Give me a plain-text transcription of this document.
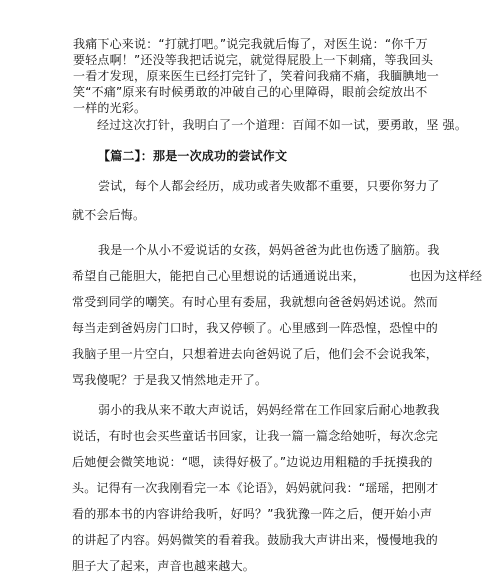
我痛下心来说：“打就打吧。”说完我就后悔了，对医生说：“你千万
要轻点啊！”还没等我把话说完，就觉得屁股上一下刺痛，等我回头
一看才发现，原来医生已经打完针了，笑着问我痛不痛，我腼腆地一
笑“不痛”原来有时候勇敢的冲破自己的心里障碍，眼前会绽放出不
一样的光彩。
经过这次打针，我明白了一个道理：百闻不如一试，要勇敢，坚 强。
【篇二】：那是一次成功的尝试作文
尝试，每个人都会经历，成功或者失败都不重要，只要你努力了
就不会后悔。
我是一个从小不爱说话的女孩，妈妈爸爸为此也伤透了脑筋。我
希望自己能胆大，能把自己心里想说的话通通说出来，           也因为这样经
常受到同学的嘲笑。有时心里有委屈，我就想向爸爸妈妈述说。然而
每当走到爸妈房门口时，我又停顿了。心里感到一阵恐惶，恐惶中的
我脑子里一片空白，只想着进去向爸妈说了后，他们会不会说我笨，
骂我傻呢？于是我又悄然地走开了。
弱小的我从来不敢大声说话，妈妈经常在工作回家后耐心地教我
说话，有时也会买些童话书回家，让我一篇一篇念给她听，每次念完
后她便会微笑地说：“嗯，读得好极了。”边说边用粗糙的手抚摸我的
头。记得有一次我刚看完一本《论语》，妈妈就问我：“瑶瑶，把刚才
看的那本书的内容讲给我听，好吗？”我犹豫一阵之后，便开始小声
的讲起了内容。妈妈微笑的看着我。鼓励我大声讲出来，慢慢地我的
胆子大了起来，声音也越来越大。
